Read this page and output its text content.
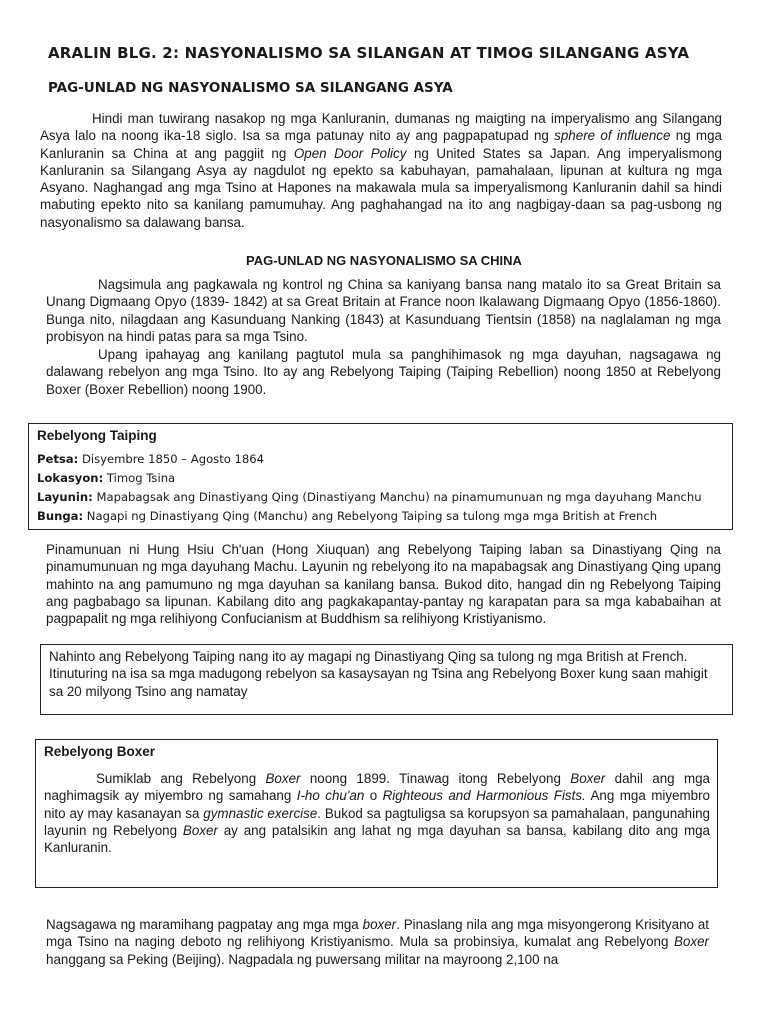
ARALIN BLG. 2: NASYONALISMO SA SILANGAN AT TIMOG SILANGANG ASYA
PAG-UNLAD NG NASYONALISMO SA SILANGANG ASYA

Hindi man tuwirang nasakop ng mga Kanluranin, dumanas ng maigting na imperyalismo ang Silangang Asya lalo na noong ika-18 siglo. Isa sa mga patunay nito ay ang pagpapatupad ng sphere of influence ng mga Kanluranin sa China at ang paggiit ng Open Door Policy ng United States sa Japan. Ang imperyalismong Kanluranin sa Silangang Asya ay nagdulot ng epekto sa kabuhayan, pamahalaan, lipunan at kultura ng mga Asyano. Naghangad ang mga Tsino at Hapones na makawala mula sa imperyalismong Kanluranin dahil sa hindi mabuting epekto nito sa kanilang pamumuhay. Ang paghahangad na ito ang nagbigay-daan sa pag-usbong ng nasyonalismo sa dalawang bansa.

PAG-UNLAD NG NASYONALISMO SA CHINA

Nagsimula ang pagkawala ng kontrol ng China sa kaniyang bansa nang matalo ito sa Great Britain sa Unang Digmaang Opyo (1839- 1842) at sa Great Britain at France noon Ikalawang Digmaang Opyo (1856-1860). Bunga nito, nilagdaan ang Kasunduang Nanking (1843) at Kasunduang Tientsin (1858) na naglalaman ng mga probisyon na hindi patas para sa mga Tsino.

Upang ipahayag ang kanilang pagtutol mula sa panghihimasok ng mga dayuhan, nagsagawa ng dalawang rebelyon ang mga Tsino. Ito ay ang Rebelyong Taiping (Taiping Rebellion) noong 1850 at Rebelyong Boxer (Boxer Rebellion) noong 1900.

Rebelyong Taiping
Petsa: Disyembre 1850 – Agosto 1864
Lokasyon: Timog Tsina
Layunin: Mapabagsak ang Dinastiyang Qing (Dinastiyang Manchu) na pinamumunuan ng mga dayuhang Manchu
Bunga: Nagapi ng Dinastiyang Qing (Manchu) ang Rebelyong Taiping sa tulong mga mga British at French

Pinamunuan ni Hung Hsiu Ch'uan (Hong Xiuquan) ang Rebelyong Taiping laban sa Dinastiyang Qing na pinamumunuan ng mga dayuhang Machu. Layunin ng rebelyong ito na mapabagsak ang Dinastiyang Qing upang mahinto na ang pamumuno ng mga dayuhan sa kanilang bansa. Bukod dito, hangad din ng Rebelyong Taiping ang pagbabago sa lipunan. Kabilang dito ang pagkakapantay-pantay ng karapatan para sa mga kababaihan at pagpapalit ng mga relihiyong Confucianism at Buddhism sa relihiyong Kristiyanismo.

Nahinto ang Rebelyong Taiping nang ito ay magapi ng Dinastiyang Qing sa tulong ng mga British at French. Itinuturing na isa sa mga madugong rebelyon sa kasaysayan ng Tsina ang Rebelyong Boxer kung saan mahigit sa 20 milyong Tsino ang namatay

Rebelyong Boxer

Sumiklab ang Rebelyong Boxer noong 1899. Tinawag itong Rebelyong Boxer dahil ang mga naghimagsik ay miyembro ng samahang I-ho chu'an o Righteous and Harmonious Fists. Ang mga miyembro nito ay may kasanayan sa gymnastic exercise. Bukod sa pagtuligsa sa korupsyon sa pamahalaan, pangunahing layunin ng Rebelyong Boxer ay ang patalsikin ang lahat ng mga dayuhan sa bansa, kabilang dito ang mga Kanluranin.

Nagsagawa ng maramihang pagpatay ang mga mga boxer. Pinaslang nila ang mga misyongerong Krisityano at mga Tsino na naging deboto ng relihiyong Kristiyanismo. Mula sa probinsiya, kumalat ang Rebelyong Boxer hanggang sa Peking (Beijing). Nagpadala ng puwersang militar na mayroong 2,100 na
